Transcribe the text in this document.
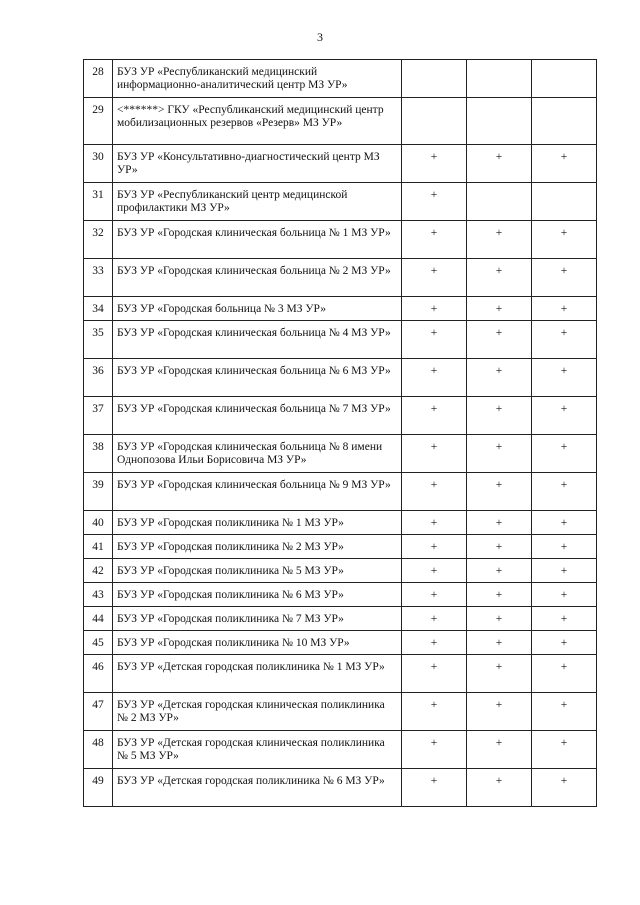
3
28	БУЗ УР «Республиканский медицинский информационно-аналитический центр МЗ УР»			
29	<******> ГКУ «Республиканский медицинский центр мобилизационных резервов «Резерв» МЗ УР»			
30	БУЗ УР «Консультативно-диагностический центр МЗ УР»	+	+	+
31	БУЗ УР «Республиканский центр медицинской профилактики МЗ УР»	+		
32	БУЗ УР «Городская клиническая больница № 1 МЗ УР»	+	+	+
33	БУЗ УР «Городская клиническая больница № 2 МЗ УР»	+	+	+
34	БУЗ УР «Городская больница № 3 МЗ УР»	+	+	+
35	БУЗ УР «Городская клиническая больница № 4 МЗ УР»	+	+	+
36	БУЗ УР «Городская клиническая больница № 6 МЗ УР»	+	+	+
37	БУЗ УР «Городская клиническая больница № 7 МЗ УР»	+	+	+
38	БУЗ УР «Городская клиническая больница № 8 имени Однопозова Ильи Борисовича МЗ УР»	+	+	+
39	БУЗ УР «Городская клиническая больница № 9 МЗ УР»	+	+	+
40	БУЗ УР «Городская поликлиника № 1 МЗ УР»	+	+	+
41	БУЗ УР «Городская поликлиника № 2 МЗ УР»	+	+	+
42	БУЗ УР «Городская поликлиника № 5 МЗ УР»	+	+	+
43	БУЗ УР «Городская поликлиника № 6 МЗ УР»	+	+	+
44	БУЗ УР «Городская поликлиника № 7 МЗ УР»	+	+	+
45	БУЗ УР «Городская поликлиника № 10 МЗ УР»	+	+	+
46	БУЗ УР «Детская городская поликлиника № 1 МЗ УР»	+	+	+
47	БУЗ УР «Детская городская клиническая поликлиника № 2 МЗ УР»	+	+	+
48	БУЗ УР «Детская городская клиническая поликлиника № 5 МЗ УР»	+	+	+
49	БУЗ УР «Детская городская поликлиника № 6 МЗ УР»	+	+	+
